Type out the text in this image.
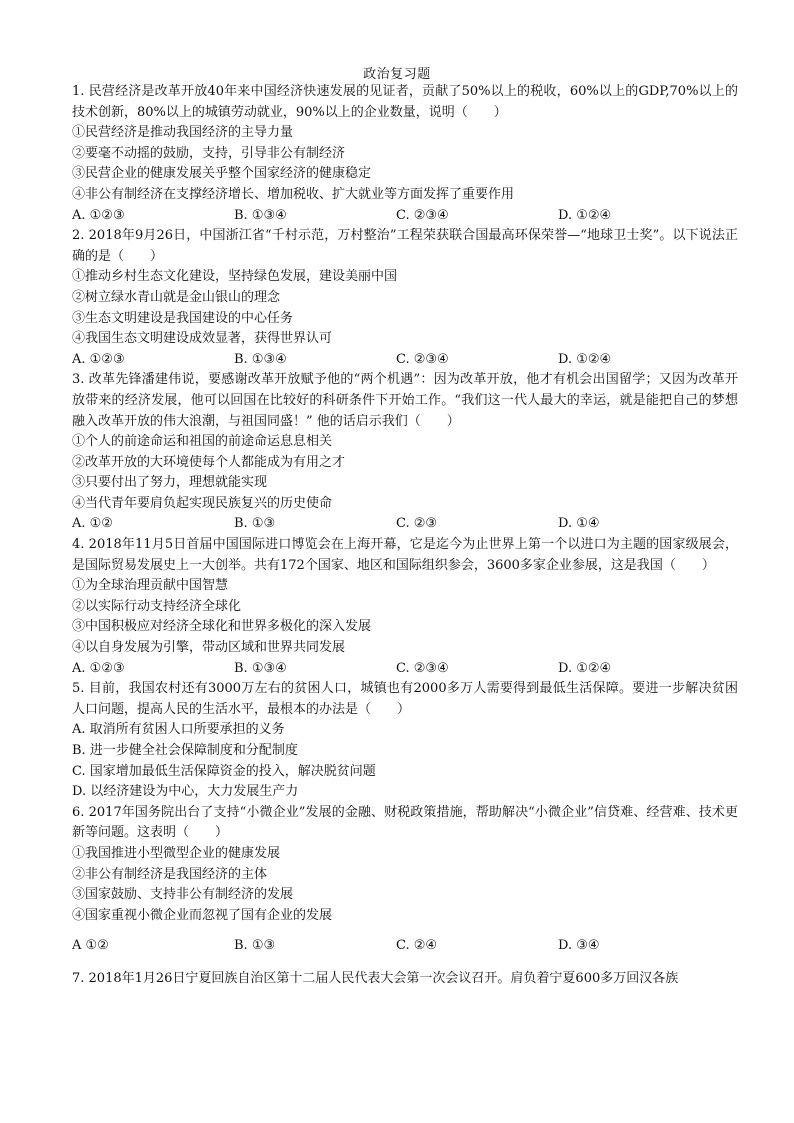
政治复习题

1. 民营经济是改革开放40年来中国经济快速发展的见证者，贡献了50%以上的税收，60%以上的GDP,70%以上的技术创新，80%以上的城镇劳动就业，90%以上的企业数量，说明（　　）

①民营经济是推动我国经济的主导力量

②要毫不动摇的鼓励，支持，引导非公有制经济

③民营企业的健康发展关乎整个国家经济的健康稳定

④非公有制经济在支撑经济增长、增加税收、扩大就业等方面发挥了重要作用

A. ①②③	B. ①③④	C. ②③④	D. ①②④

2. 2018年9月26日，中国浙江省“千村示范，万村整治”工程荣获联合国最高环保荣誉—“地球卫士奖”。以下说法正确的是（　　）

①推动乡村生态文化建设，坚持绿色发展，建设美丽中国

②树立绿水青山就是金山银山的理念

③生态文明建设是我国建设的中心任务

④我国生态文明建设成效显著，获得世界认可

A. ①②③	B. ①③④	C. ②③④	D. ①②④

3. 改革先锋潘建伟说，要感谢改革开放赋予他的“两个机遇”：因为改革开放，他才有机会出国留学；又因为改革开放带来的经济发展，他可以回国在比较好的科研条件下开始工作。“我们这一代人最大的幸运，就是能把自己的梦想融入改革开放的伟大浪潮，与祖国同盛！” 他的话启示我们（　　）

①个人的前途命运和祖国的前途命运息息相关

②改革开放的大环境使每个人都能成为有用之才

③只要付出了努力，理想就能实现

④当代青年要肩负起实现民族复兴的历史使命

A. ①②	B. ①③	C. ②③	D. ①④

4. 2018年11月5日首届中国国际进口博览会在上海开幕，它是迄今为止世界上第一个以进口为主题的国家级展会，是国际贸易发展史上一大创举。共有172个国家、地区和国际组织参会，3600多家企业参展，这是我国（　　）

①为全球治理贡献中国智慧

②以实际行动支持经济全球化

③中国积极应对经济全球化和世界多极化的深入发展

④以自身发展为引擎，带动区域和世界共同发展

A. ①②③	B. ①③④	C. ②③④	D. ①②④

5. 目前，我国农村还有3000万左右的贫困人口，城镇也有2000多万人需要得到最低生活保障。要进一步解决贫困人口问题，提高人民的生活水平，最根本的办法是（　　）

A. 取消所有贫困人口所要承担的义务

B. 进一步健全社会保障制度和分配制度

C. 国家增加最低生活保障资金的投入，解决脱贫问题

D. 以经济建设为中心，大力发展生产力

6. 2017年国务院出台了支持“小微企业”发展的金融、财税政策措施，帮助解决“小微企业”信贷难、经营难、技术更新等问题。这表明（　　）

①我国推进小型微型企业的健康发展

②非公有制经济是我国经济的主体

③国家鼓励、支持非公有制经济的发展

④国家重视小微企业而忽视了国有企业的发展

A ①②	B. ①③	C. ②④	D. ③④

7. 2018年1月26日宁夏回族自治区第十二届人民代表大会第一次会议召开。肩负着宁夏600多万回汉各族
